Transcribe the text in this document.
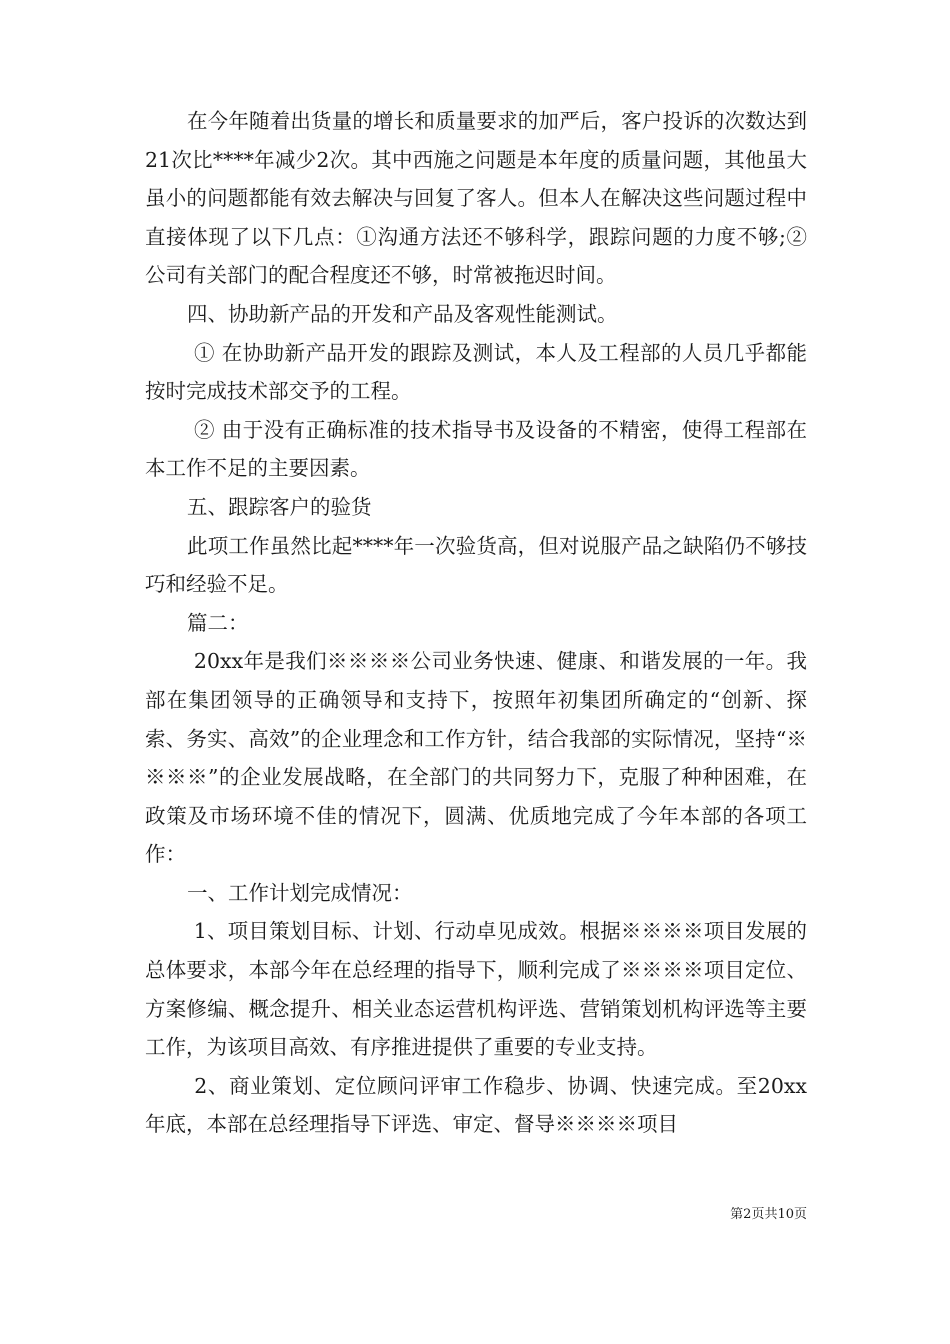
在今年随着出货量的增长和质量要求的加严后，客户投诉的次数达到21次比****年减少2次。其中西施之问题是本年度的质量问题，其他虽大虽小的问题都能有效去解决与回复了客人。但本人在解决这些问题过程中直接体现了以下几点：①沟通方法还不够科学，跟踪问题的力度不够;② 公司有关部门的配合程度还不够，时常被拖迟时间。

四、协助新产品的开发和产品及客观性能测试。

① 在协助新产品开发的跟踪及测试，本人及工程部的人员几乎都能按时完成技术部交予的工程。

② 由于没有正确标准的技术指导书及设备的不精密，使得工程部在本工作不足的主要因素。

五、跟踪客户的验货

此项工作虽然比起****年一次验货高，但对说服产品之缺陷仍不够技巧和经验不足。

篇二：

20xx年是我们※※※※公司业务快速、健康、和谐发展的一年。我部在集团领导的正确领导和支持下，按照年初集团所确定的“创新、探索、务实、高效”的企业理念和工作方针，结合我部的实际情况，坚持“※※※※”的企业发展战略，在全部门的共同努力下，克服了种种困难，在政策及市场环境不佳的情况下，圆满、优质地完成了今年本部的各项工作：

一、工作计划完成情况：

1、项目策划目标、计划、行动卓见成效。根据※※※※项目发展的总体要求，本部今年在总经理的指导下，顺利完成了※※※※项目定位、方案修编、概念提升、相关业态运营机构评选、营销策划机构评选等主要工作，为该项目高效、有序推进提供了重要的专业支持。

2、商业策划、定位顾问评审工作稳步、协调、快速完成。至20xx年底，本部在总经理指导下评选、审定、督导※※※※项目

第2页共10页
